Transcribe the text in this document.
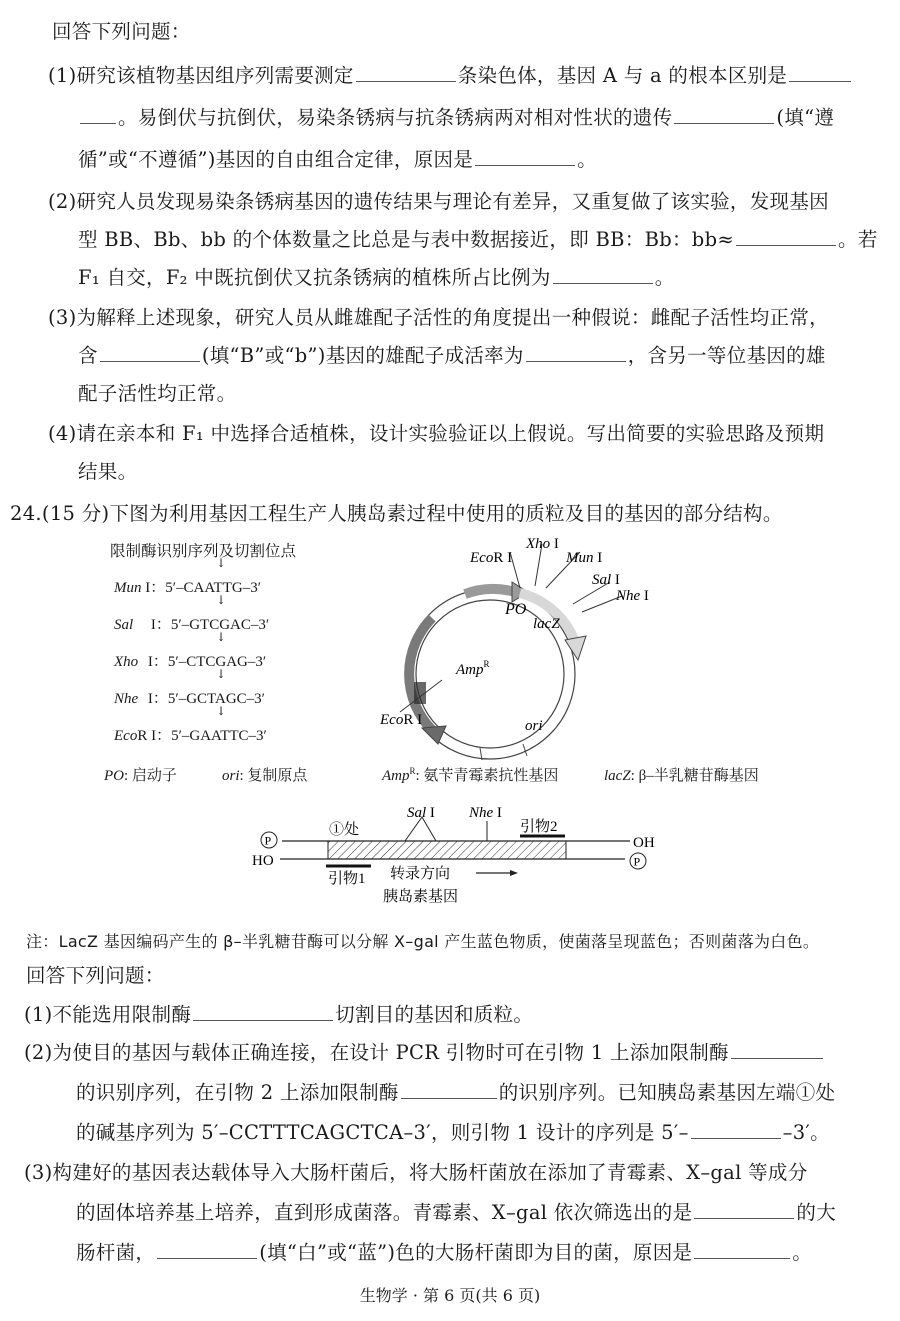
回答下列问题：
(1)研究该植物基因组序列需要测定	条染色体，基因 A 与 a 的根本区别是
。易倒伏与抗倒伏，易染条锈病与抗条锈病两对相对性状的遗传	(填“遵
循”或“不遵循”)基因的自由组合定律，原因是	。
(2)研究人员发现易染条锈病基因的遗传结果与理论有差异，又重复做了该实验，发现基因
型 BB、Bb、bb 的个体数量之比总是与表中数据接近，即 BB：Bb：bb≈	。若
F₁ 自交，F₂ 中既抗倒伏又抗条锈病的植株所占比例为	。
(3)为解释上述现象，研究人员从雌雄配子活性的角度提出一种假说：雌配子活性均正常，
含	(填“B”或“b”)基因的雄配子成活率为	，含另一等位基因的雄
配子活性均正常。
(4)请在亲本和 F₁ 中选择合适植株，设计实验验证以上假说。写出简要的实验思路及预期
结果。
24.(15 分)下图为利用基因工程生产人胰岛素过程中使用的质粒及目的基因的部分结构。
限制酶识别序列及切割位点
↓
Mun I：5′–CAATTG–3′
↓
Sal I：5′–GTCGAC–3′
↓
Xho I：5′–CTCGAG–3′
↓
Nhe I：5′–GCTAGC–3′
↓
EcoR I：5′–GAATTC–3′
EcoR I
Xho I
Mun I
Sal I
Nhe I
PO
lacZ
Amp$^R$
EcoR I	ori
PO: 启动子	ori: 复制原点	Amp$^R$: 氨苄青霉素抗性基因	lacZ: β–半乳糖苷酶基因
P
HO
①处
Sal I Nhe I
引物2
OH
P
引物1 转录方向
胰岛素基因
注：LacZ 基因编码产生的 β–半乳糖苷酶可以分解 X–gal 产生蓝色物质，使菌落呈现蓝色；否则菌落为白色。
回答下列问题：
(1)不能选用限制酶	切割目的基因和质粒。
(2)为使目的基因与载体正确连接，在设计 PCR 引物时可在引物 1 上添加限制酶
的识别序列，在引物 2 上添加限制酶	的识别序列。已知胰岛素基因左端①处
的碱基序列为 5′–CCTTTCAGCTCA–3′，则引物 1 设计的序列是 5′–	–3′。
(3)构建好的基因表达载体导入大肠杆菌后，将大肠杆菌放在添加了青霉素、X–gal 等成分
的固体培养基上培养，直到形成菌落。青霉素、X–gal 依次筛选出的是	的大
肠杆菌，	(填“白”或“蓝”)色的大肠杆菌即为目的菌，原因是	。
生物学 · 第 6 页(共 6 页)
